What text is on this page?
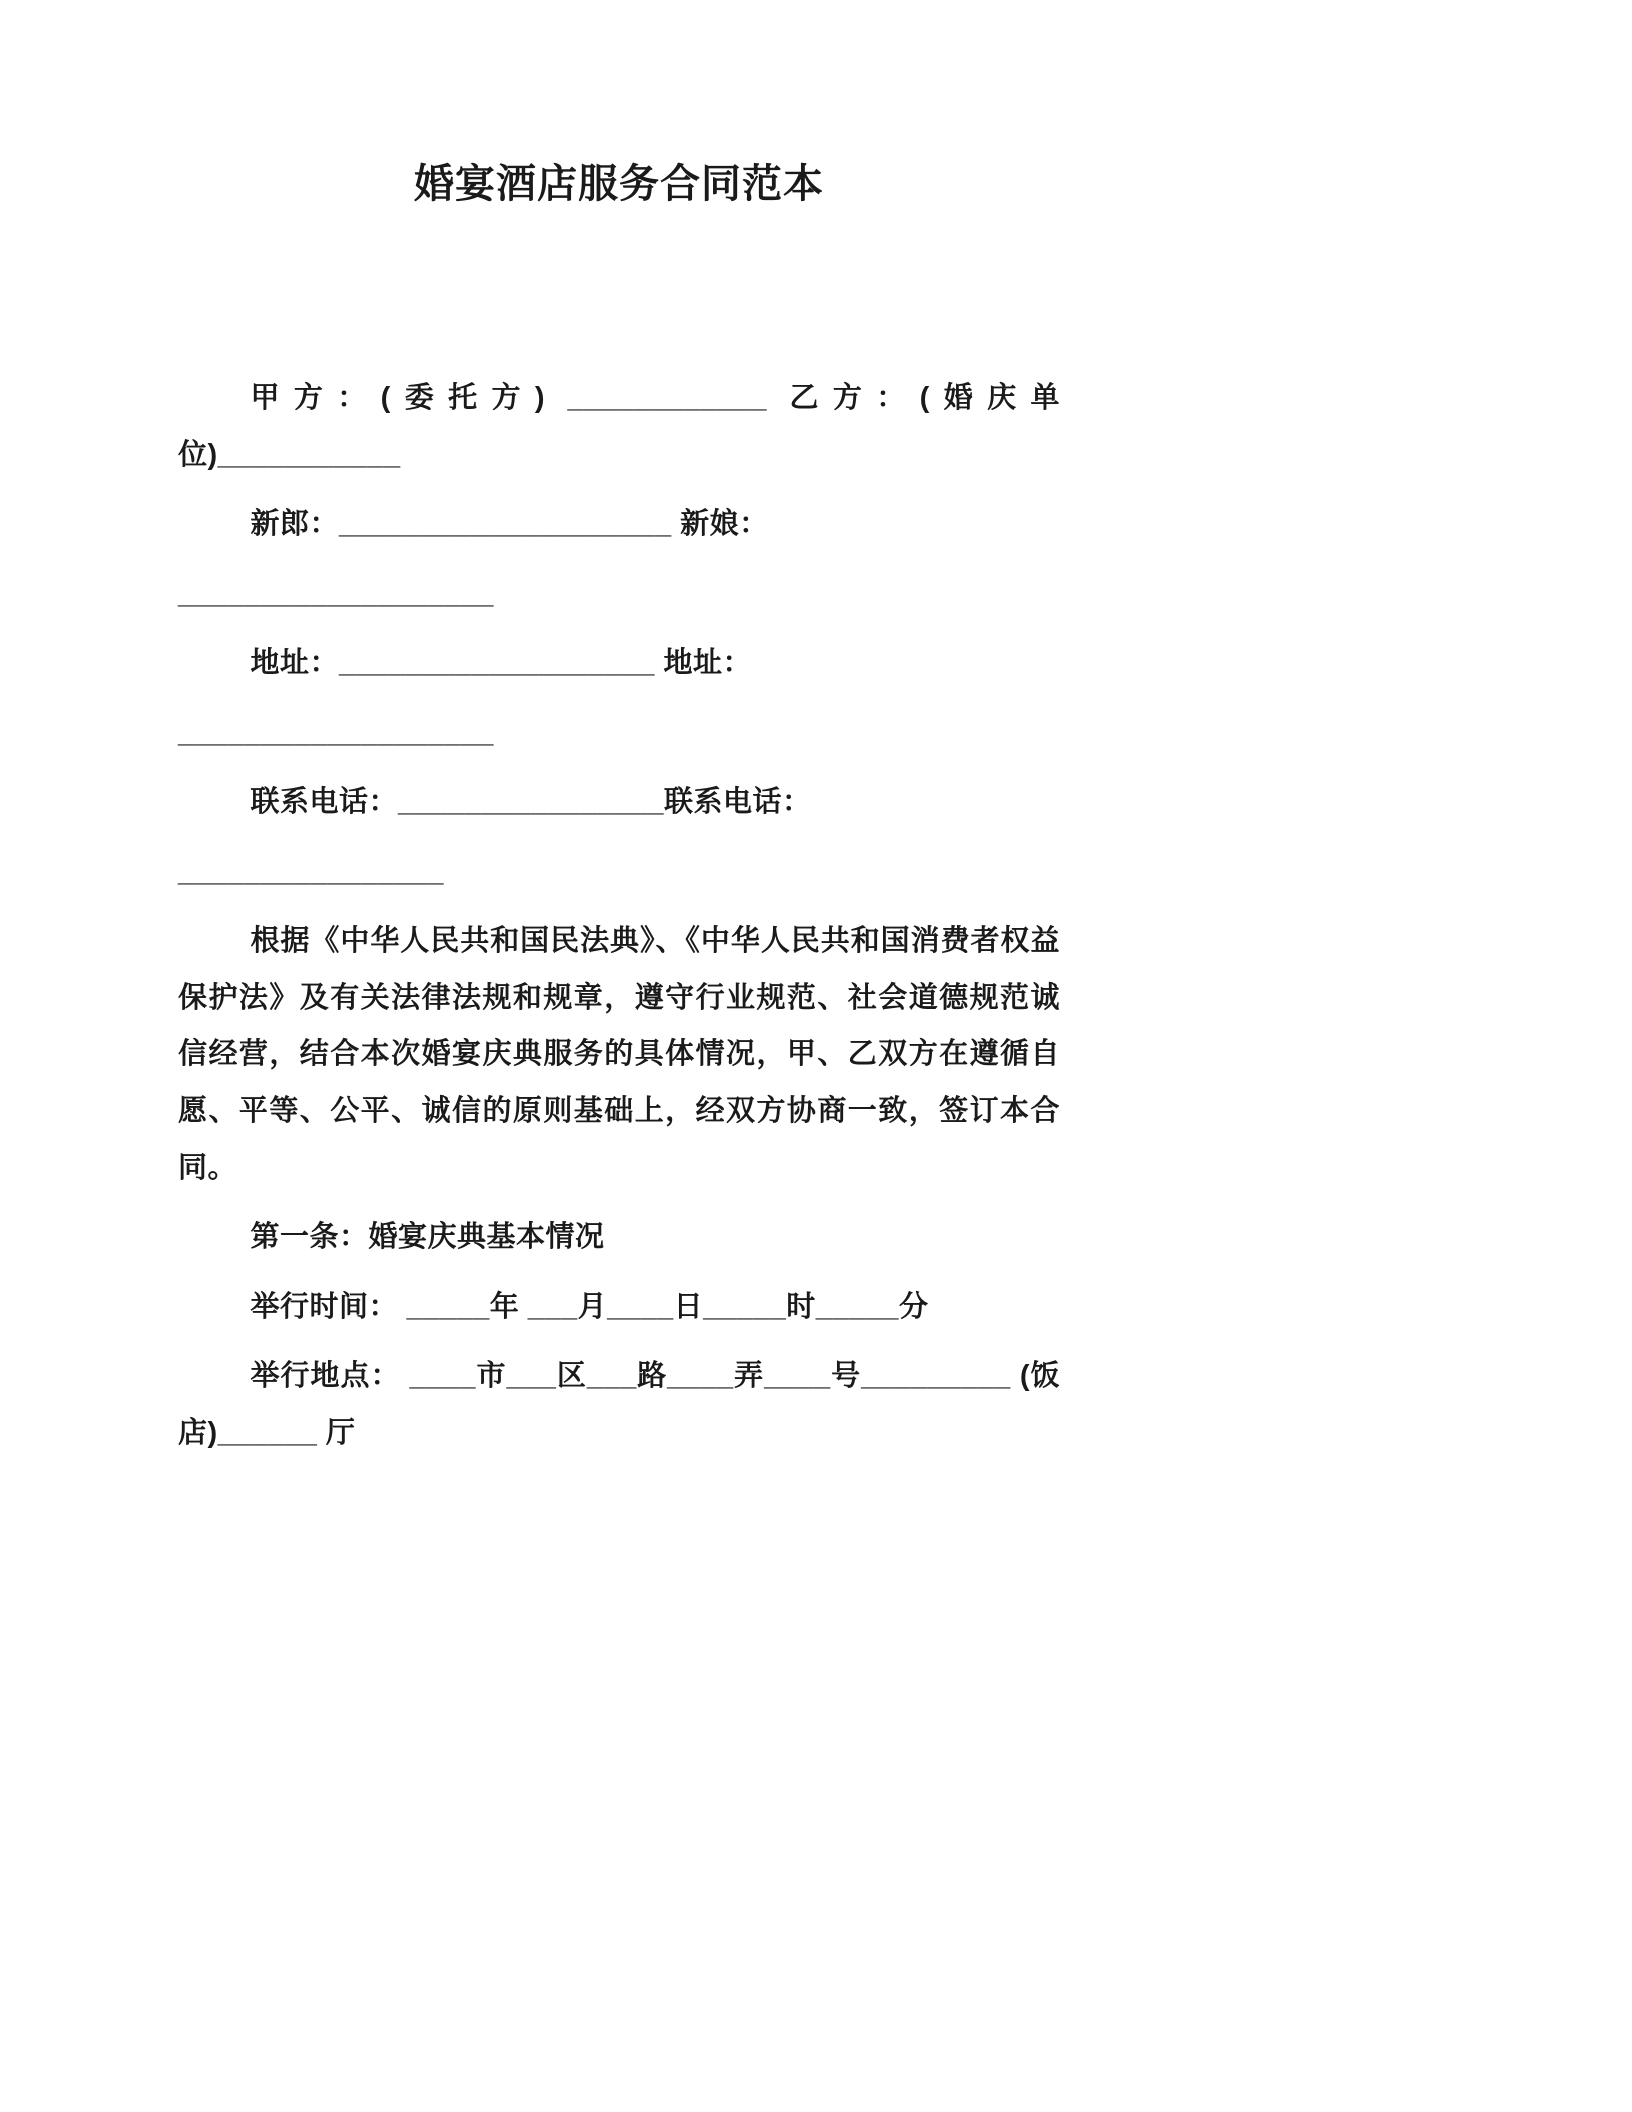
婚宴酒店服务合同范本

甲方：(委托方) ____________ 乙方：(婚庆单位)___________

新郎：____________________ 新娘：

___________________

地址：___________________ 地址：

___________________

联系电话：________________联系电话：

________________

根据《中华人民共和国民法典》、《中华人民共和国消费者权益保护法》及有关法律法规和规章，遵守行业规范、社会道德规范诚信经营，结合本次婚宴庆典服务的具体情况，甲、乙双方在遵循自愿、平等、公平、诚信的原则基础上，经双方协商一致，签订本合同。

第一条：婚宴庆典基本情况

举行时间： _____年 ___月____日_____时_____分

举行地点： ____市___区___路____弄____号_________ (饭店)______ 厅
